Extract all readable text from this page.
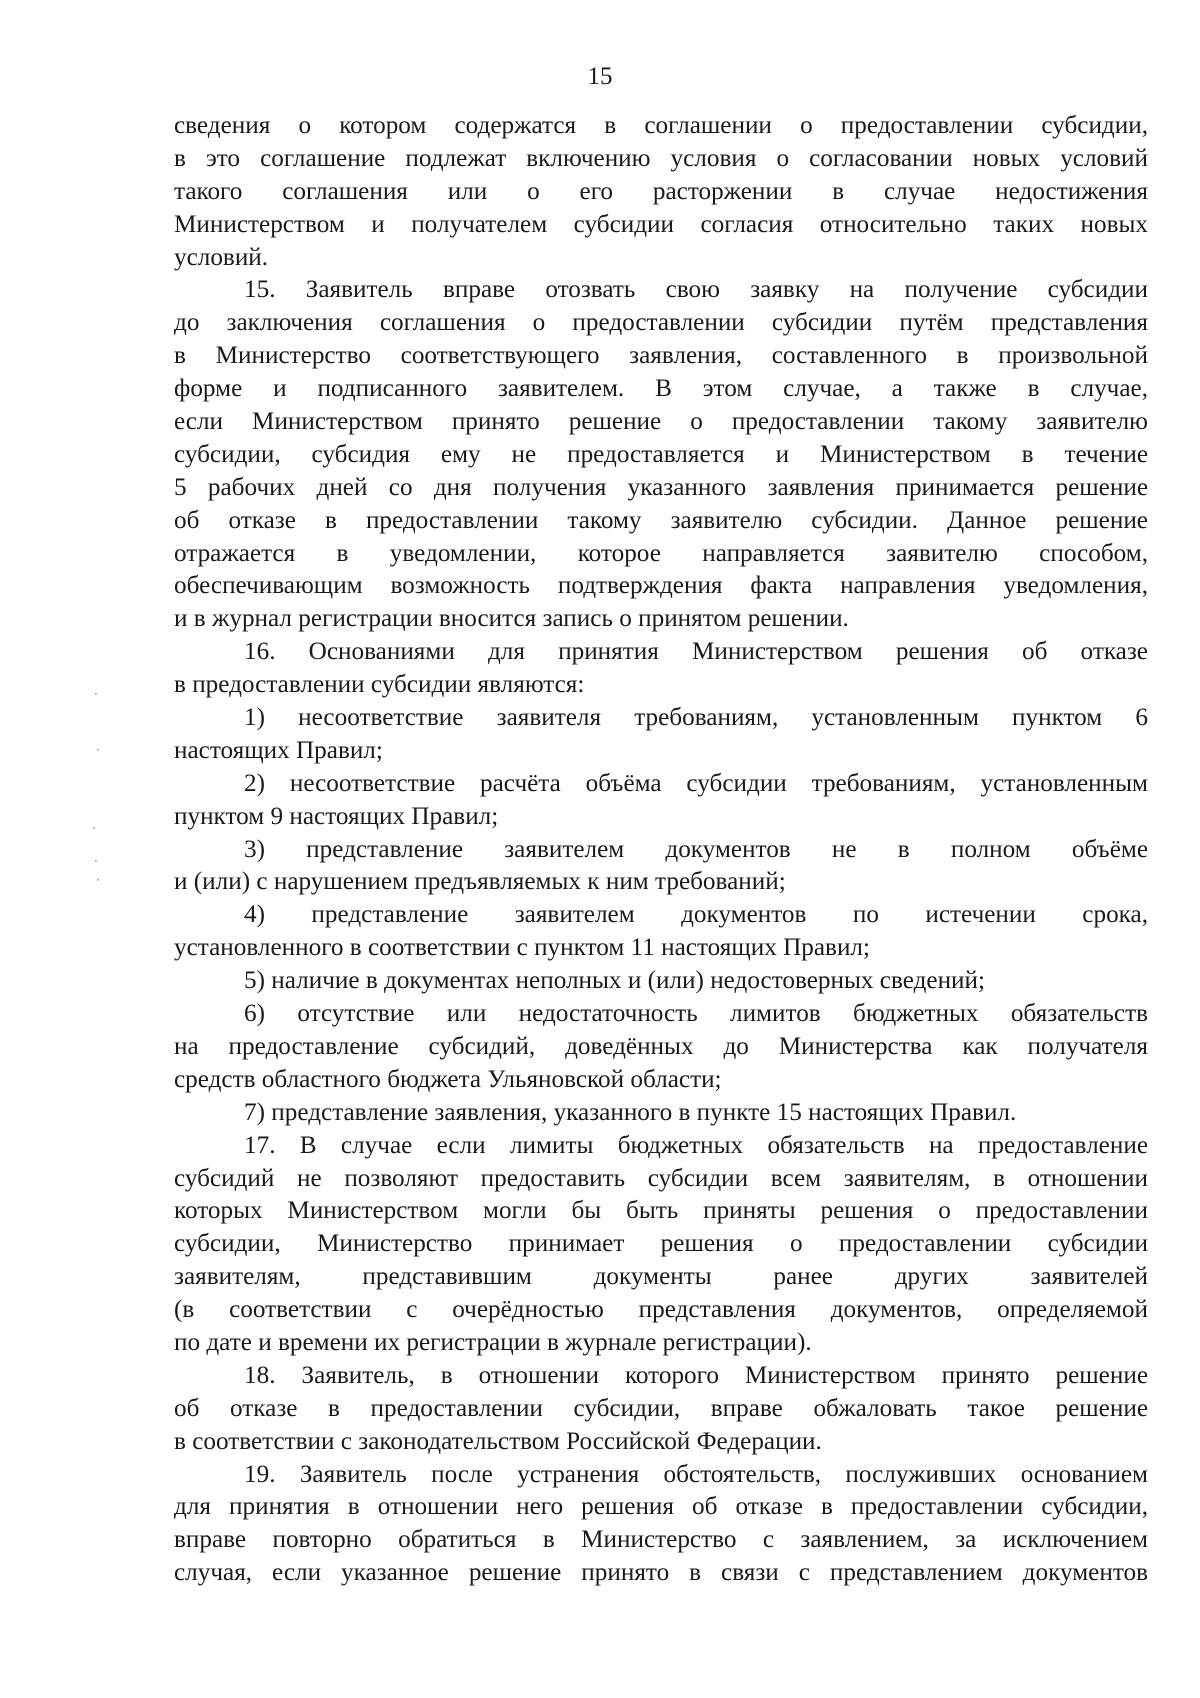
15
сведения о котором содержатся в соглашении о предоставлении субсидии,
в это соглашение подлежат включению условия о согласовании новых условий
такого соглашения или о его расторжении в случае недостижения
Министерством и получателем субсидии согласия относительно таких новых
условий.
15. Заявитель вправе отозвать свою заявку на получение субсидии
до заключения соглашения о предоставлении субсидии путём представления
в Министерство соответствующего заявления, составленного в произвольной
форме и подписанного заявителем. В этом случае, а также в случае,
если Министерством принято решение о предоставлении такому заявителю
субсидии, субсидия ему не предоставляется и Министерством в течение
5 рабочих дней со дня получения указанного заявления принимается решение
об отказе в предоставлении такому заявителю субсидии. Данное решение
отражается в уведомлении, которое направляется заявителю способом,
обеспечивающим возможность подтверждения факта направления уведомления,
и в журнал регистрации вносится запись о принятом решении.
16. Основаниями для принятия Министерством решения об отказе
в предоставлении субсидии являются:
1) несоответствие заявителя требованиям, установленным пунктом 6
настоящих Правил;
2) несоответствие расчёта объёма субсидии требованиям, установленным
пунктом 9 настоящих Правил;
3) представление заявителем документов не в полном объёме
и (или) с нарушением предъявляемых к ним требований;
4) представление заявителем документов по истечении срока,
установленного в соответствии с пунктом 11 настоящих Правил;
5) наличие в документах неполных и (или) недостоверных сведений;
6) отсутствие или недостаточность лимитов бюджетных обязательств
на предоставление субсидий, доведённых до Министерства как получателя
средств областного бюджета Ульяновской области;
7) представление заявления, указанного в пункте 15 настоящих Правил.
17. В случае если лимиты бюджетных обязательств на предоставление
субсидий не позволяют предоставить субсидии всем заявителям, в отношении
которых Министерством могли бы быть приняты решения о предоставлении
субсидии, Министерство принимает решения о предоставлении субсидии
заявителям, представившим документы ранее других заявителей
(в соответствии с очерёдностью представления документов, определяемой
по дате и времени их регистрации в журнале регистрации).
18. Заявитель, в отношении которого Министерством принято решение
об отказе в предоставлении субсидии, вправе обжаловать такое решение
в соответствии с законодательством Российской Федерации.
19. Заявитель после устранения обстоятельств, послуживших основанием
для принятия в отношении него решения об отказе в предоставлении субсидии,
вправе повторно обратиться в Министерство с заявлением, за исключением
случая, если указанное решение принято в связи с представлением документов
·
·
·
·
·
